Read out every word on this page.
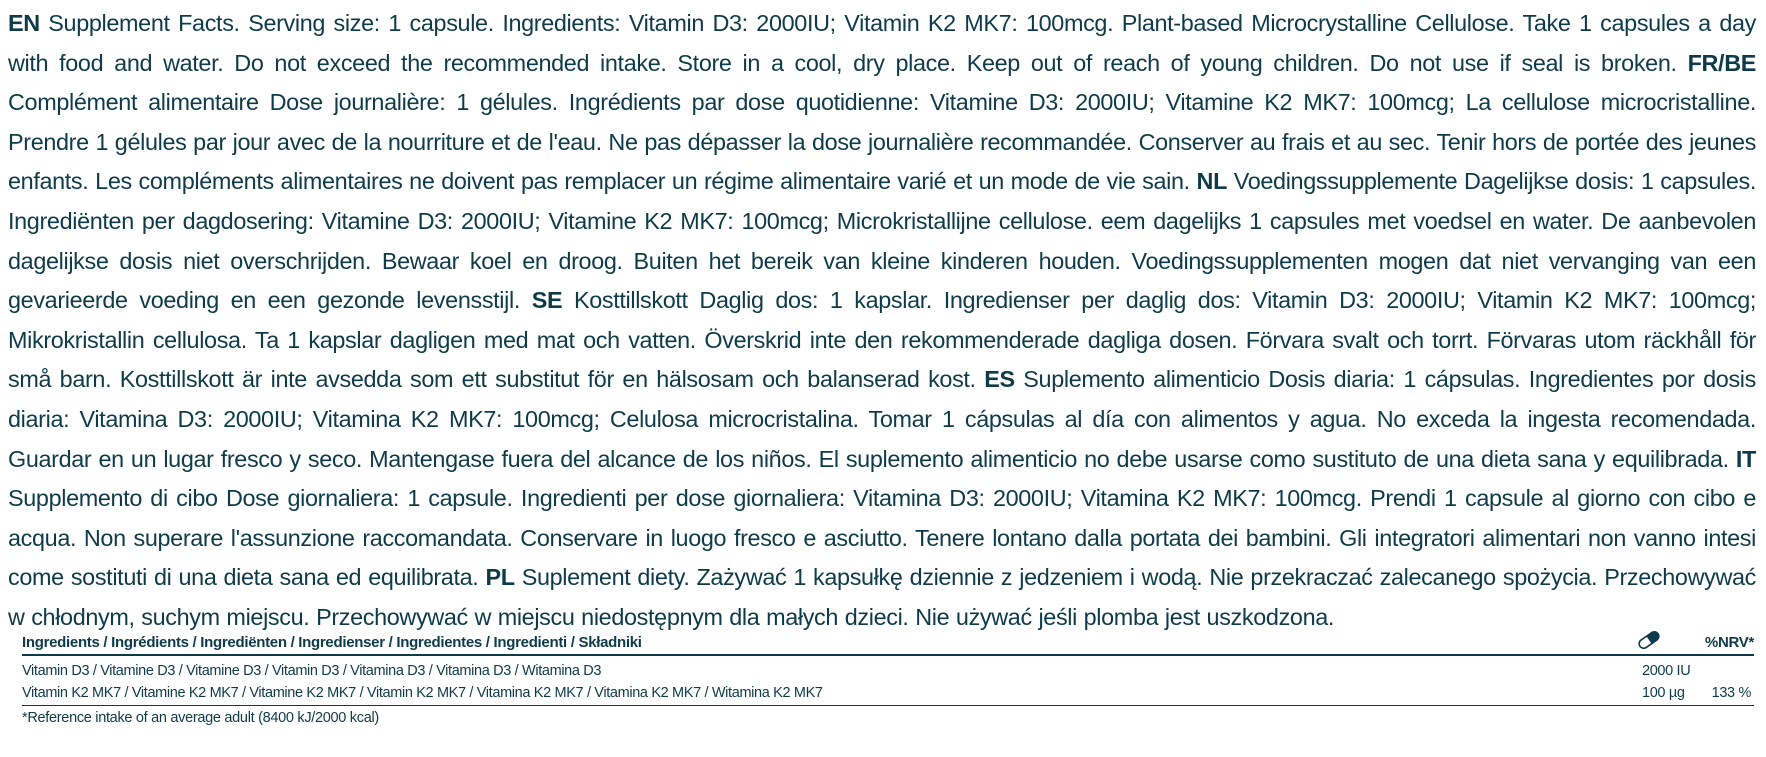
EN Supplement Facts. Serving size: 1 capsule. Ingredients: Vitamin D3: 2000IU; Vitamin K2 MK7: 100mcg. Plant-based Microcrystalline Cellulose. Take 1 capsules a day with food and water. Do not exceed the recommended intake. Store in a cool, dry place. Keep out of reach of young children. Do not use if seal is broken. FR/BE Complément alimentaire Dose journalière: 1 gélules. Ingrédients par dose quotidienne: Vitamine D3: 2000IU; Vitamine K2 MK7: 100mcg; La cellulose microcristalline. Prendre 1 gélules par jour avec de la nourriture et de l'eau. Ne pas dépasser la dose journalière recommandée. Conserver au frais et au sec. Tenir hors de portée des jeunes enfants. Les compléments alimentaires ne doivent pas remplacer un régime alimentaire varié et un mode de vie sain. NL Voedingssupplemente Dagelijkse dosis: 1 capsules. Ingrediënten per dagdosering: Vitamine D3: 2000IU; Vitamine K2 MK7: 100mcg; Microkristallijne cellulose. eem dagelijks 1 capsules met voedsel en water. De aanbevolen dagelijkse dosis niet overschrijden. Bewaar koel en droog. Buiten het bereik van kleine kinderen houden. Voedingssupplementen mogen dat niet vervanging van een gevarieerde voeding en een gezonde levensstijl. SE Kosttillskott Daglig dos: 1 kapslar. Ingredienser per daglig dos: Vitamin D3: 2000IU; Vitamin K2 MK7: 100mcg; Mikrokristallin cellulosa. Ta 1 kapslar dagligen med mat och vatten. Överskrid inte den rekommenderade dagliga dosen. Förvara svalt och torrt. Förvaras utom räckhåll för små barn. Kosttillskott är inte avsedda som ett substitut för en hälsosam och balanserad kost. ES Suplemento alimenticio Dosis diaria: 1 cápsulas. Ingredientes por dosis diaria: Vitamina D3: 2000IU; Vitamina K2 MK7: 100mcg; Celulosa microcristalina. Tomar 1 cápsulas al día con alimentos y agua. No exceda la ingesta recomendada. Guardar en un lugar fresco y seco. Mantengase fuera del alcance de los niños. El suplemento alimenticio no debe usarse como sustituto de una dieta sana y equilibrada. IT Supplemento di cibo Dose giornaliera: 1 capsule. Ingredienti per dose giornaliera: Vitamina D3: 2000IU; Vitamina K2 MK7: 100mcg. Prendi 1 capsule al giorno con cibo e acqua. Non superare l'assunzione raccomandata. Conservare in luogo fresco e asciutto. Tenere lontano dalla portata dei bambini. Gli integratori alimentari non vanno intesi come sostituti di una dieta sana ed equilibrata. PL Suplement diety. Zażywać 1 kapsułkę dziennie z jedzeniem i wodą. Nie przekraczać zalecanego spożycia. Przechowywać w chłodnym, suchym miejscu. Przechowywać w miejscu niedostępnym dla małych dzieci. Nie używać jeśli plomba jest uszkodzona.

Ingredients / Ingrédients / Ingrediënten / Ingredienser / Ingredientes / Ingredienti / Składniki	%NRV*
Vitamin D3 / Vitamine D3 / Vitamine D3 / Vitamin D3 / Vitamina D3 / Vitamina D3 / Witamina D3	2000 IU
Vitamin K2 MK7 / Vitamine K2 MK7 / Vitamine K2 MK7 / Vitamin K2 MK7 / Vitamina K2 MK7 / Vitamina K2 MK7 / Witamina K2 MK7	100 µg 133 %
*Reference intake of an average adult (8400 kJ/2000 kcal)
